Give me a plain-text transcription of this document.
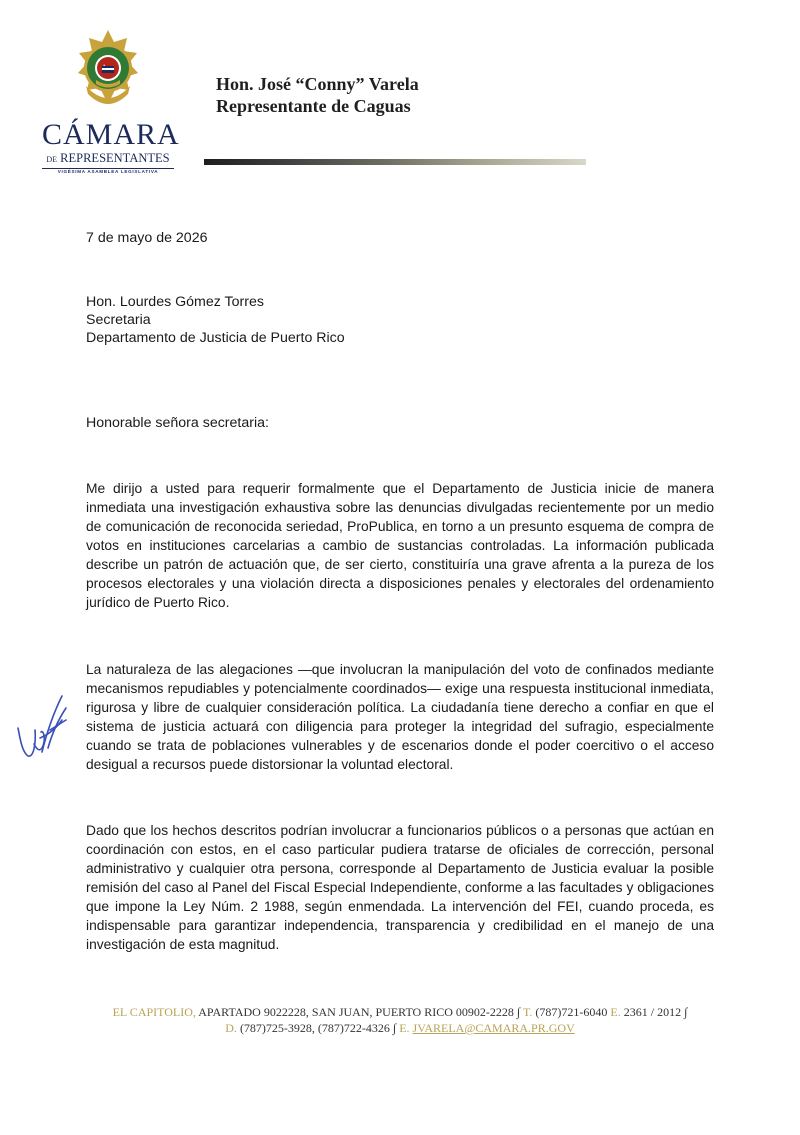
CÁMARA
DE REPRESENTANTES
VIGÉSIMA ASAMBLEA LEGISLATIVA
Hon. José “Conny” Varela
Representante de Caguas
7 de mayo de 2026
Hon. Lourdes Gómez Torres
Secretaria
Departamento de Justicia de Puerto Rico
Honorable señora secretaria:

Me dirijo a usted para requerir formalmente que el Departamento de Justicia inicie de manera inmediata una investigación exhaustiva sobre las denuncias divulgadas recientemente por un medio de comunicación de reconocida seriedad, ProPublica, en torno a un presunto esquema de compra de votos en instituciones carcelarias a cambio de sustancias controladas. La información publicada describe un patrón de actuación que, de ser cierto, constituiría una grave afrenta a la pureza de los procesos electorales y una violación directa a disposiciones penales y electorales del ordenamiento jurídico de Puerto Rico.

La naturaleza de las alegaciones —que involucran la manipulación del voto de confinados mediante mecanismos repudiables y potencialmente coordinados— exige una respuesta institucional inmediata, rigurosa y libre de cualquier consideración política. La ciudadanía tiene derecho a confiar en que el sistema de justicia actuará con diligencia para proteger la integridad del sufragio, especialmente cuando se trata de poblaciones vulnerables y de escenarios donde el poder coercitivo o el acceso desigual a recursos puede distorsionar la voluntad electoral.

Dado que los hechos descritos podrían involucrar a funcionarios públicos o a personas que actúan en coordinación con estos, en el caso particular pudiera tratarse de oficiales de corrección, personal administrativo y cualquier otra persona, corresponde al Departamento de Justicia evaluar la posible remisión del caso al Panel del Fiscal Especial Independiente, conforme a las facultades y obligaciones que impone la Ley Núm. 2 1988, según enmendada. La intervención del FEI, cuando proceda, es indispensable para garantizar independencia, transparencia y credibilidad en el manejo de una investigación de esta magnitud.

EL CAPITOLIO, APARTADO 9022228, SAN JUAN, PUERTO RICO 00902-2228 ∫ T. (787)721-6040 E. 2361 / 2012 ∫
D. (787)725-3928, (787)722-4326 ∫ E. JVARELA@CAMARA.PR.GOV
